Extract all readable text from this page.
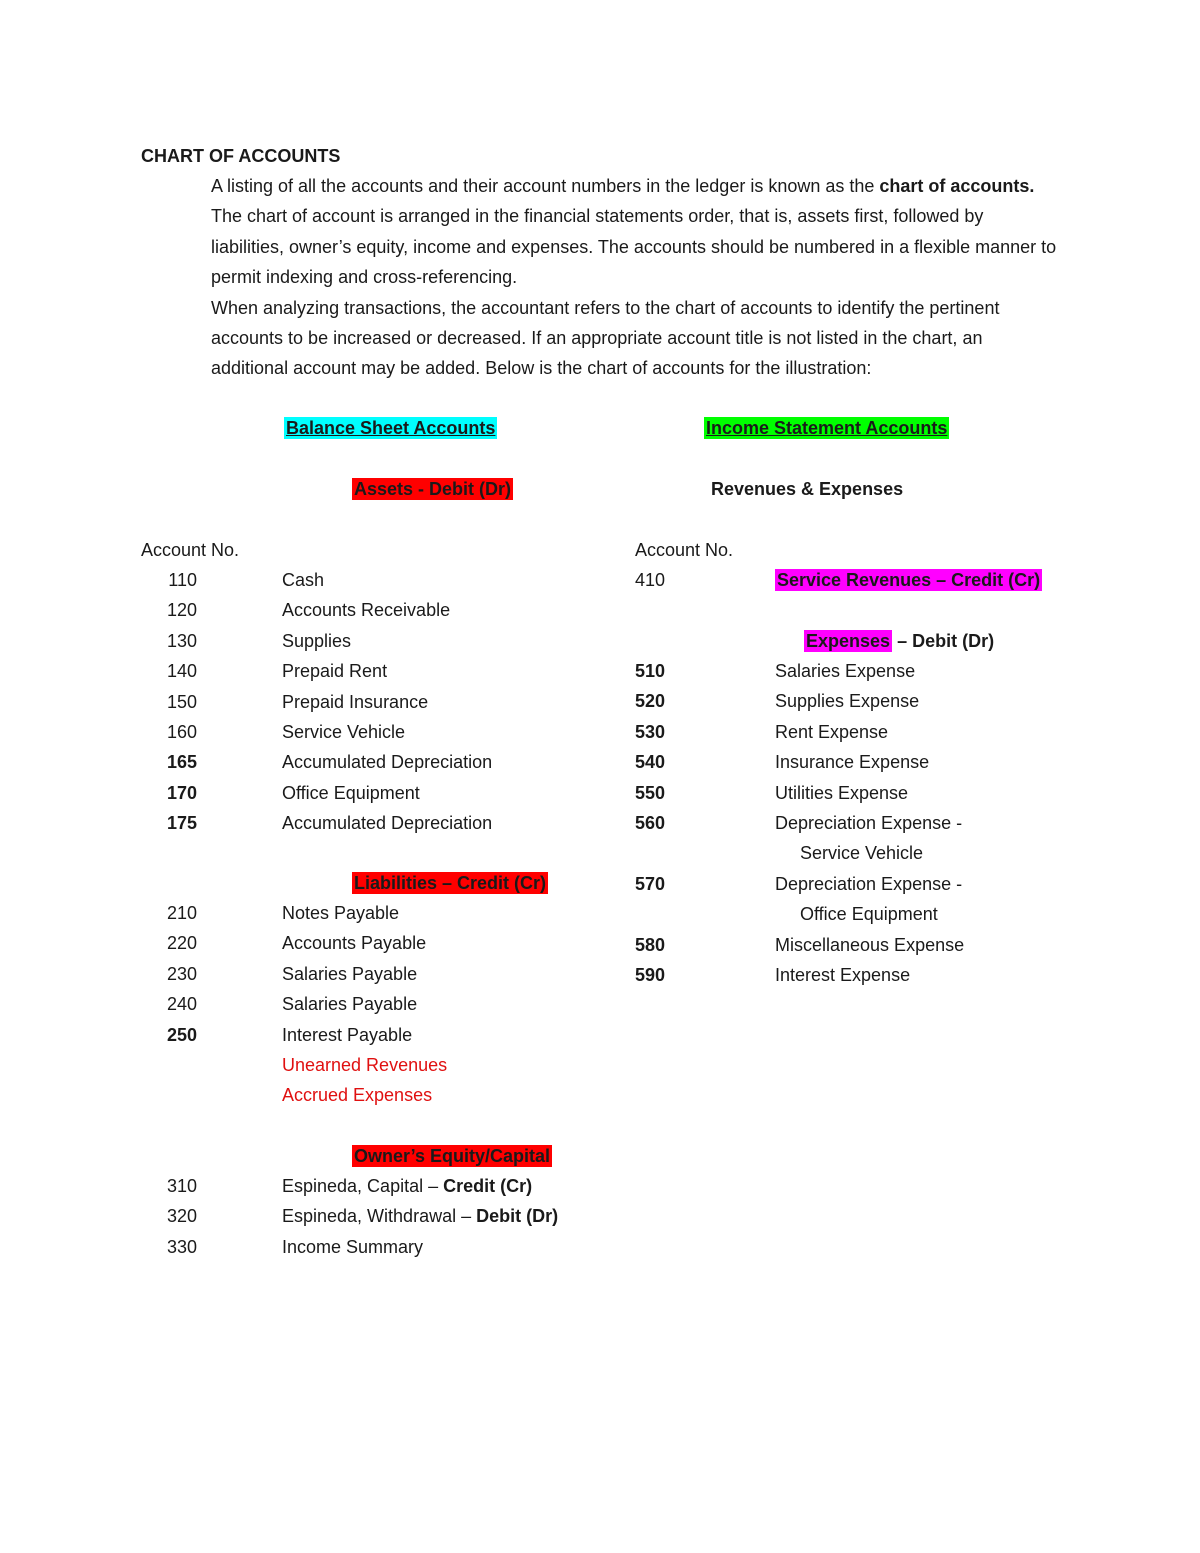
CHART OF ACCOUNTS

A listing of all the accounts and their account numbers in the ledger is known as the chart of accounts. The chart of account is arranged in the financial statements order, that is, assets first, followed by liabilities, owner’s equity, income and expenses. The accounts should be numbered in a flexible manner to permit indexing and cross-referencing.

When analyzing transactions, the accountant refers to the chart of accounts to identify the pertinent accounts to be increased or decreased. If an appropriate account title is not listed in the chart, an additional account may be added. Below is the chart of accounts for the illustration:

Balance Sheet Accounts	Income Statement Accounts
Assets - Debit (Dr)	Revenues & Expenses
Account No.
110	Cash
120	Accounts Receivable
130	Supplies
140	Prepaid Rent
150	Prepaid Insurance
160	Service Vehicle
165	Accumulated Depreciation
170	Office Equipment
175	Accumulated Depreciation
Liabilities – Credit (Cr)
210	Notes Payable
220	Accounts Payable
230	Salaries Payable
240	Salaries Payable
250	Interest Payable
Unearned Revenues
Accrued Expenses
Owner’s Equity/Capital
310	Espineda, Capital – Credit (Cr)
320	Espineda, Withdrawal – Debit (Dr)
330	Income Summary
Account No.
410	Service Revenues – Credit (Cr)
Expenses – Debit (Dr)
510	Salaries Expense
520	Supplies Expense
530	Rent Expense
540	Insurance Expense
550	Utilities Expense
560	Depreciation Expense -
Service Vehicle
570	Depreciation Expense -
Office Equipment
580	Miscellaneous Expense
590	Interest Expense
